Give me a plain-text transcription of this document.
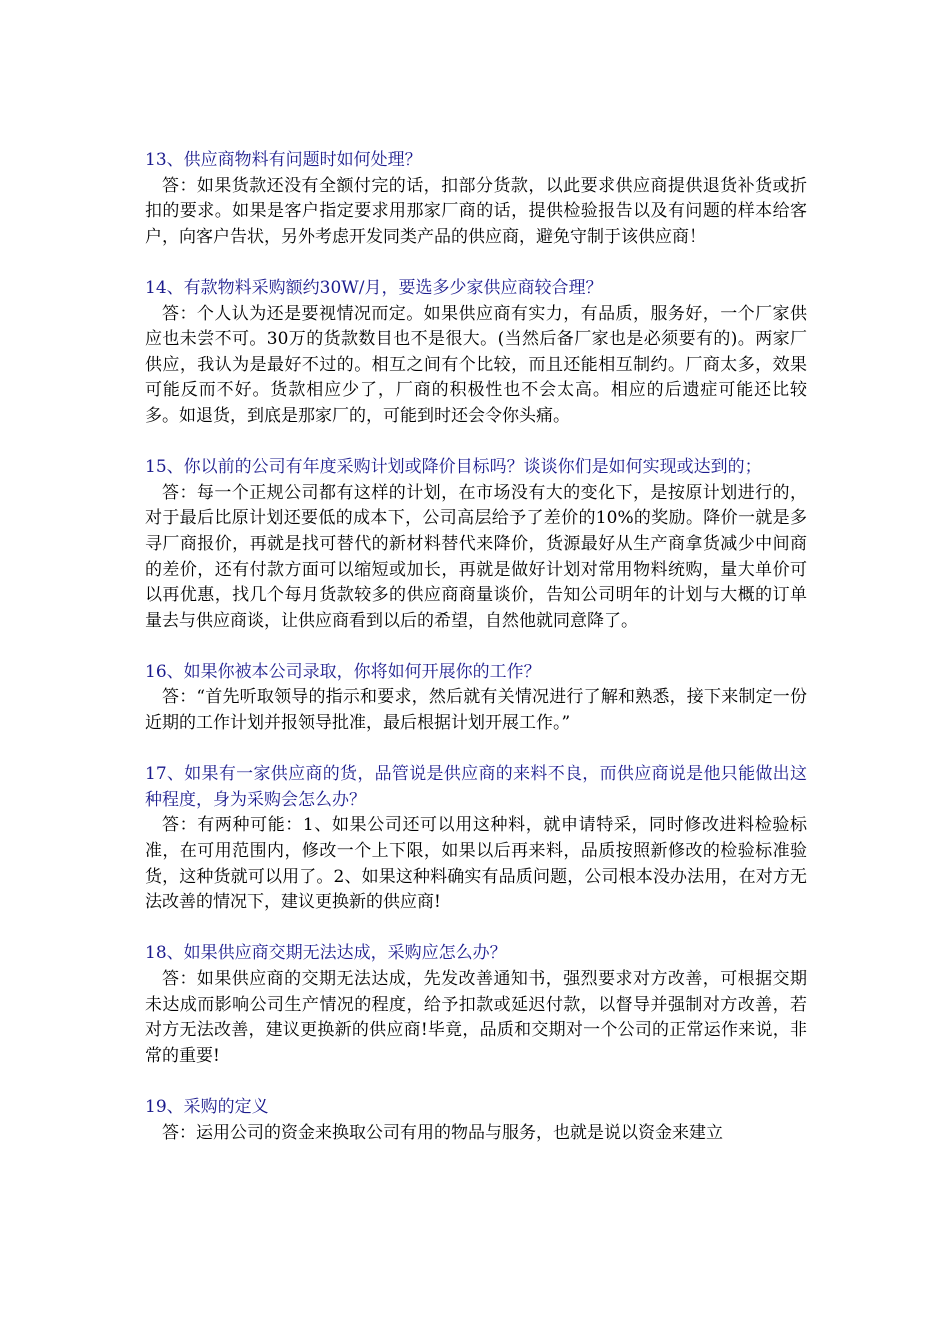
13、供应商物料有问题时如何处理？

答：如果货款还没有全额付完的话，扣部分货款，以此要求供应商提供退货补货或折扣的要求。如果是客户指定要求用那家厂商的话，提供检验报告以及有问题的样本给客户，向客户告状，另外考虑开发同类产品的供应商，避免守制于该供应商！

14、有款物料采购额约30W/月，要选多少家供应商较合理？

答：个人认为还是要视情况而定。如果供应商有实力，有品质，服务好，一个厂家供应也未尝不可。30万的货款数目也不是很大。(当然后备厂家也是必须要有的)。两家厂供应，我认为是最好不过的。相互之间有个比较，而且还能相互制约。厂商太多，效果可能反而不好。货款相应少了，厂商的积极性也不会太高。相应的后遗症可能还比较多。如退货，到底是那家厂的，可能到时还会令你头痛。

15、你以前的公司有年度采购计划或降价目标吗？谈谈你们是如何实现或达到的；

答：每一个正规公司都有这样的计划，在市场没有大的变化下，是按原计划进行的，对于最后比原计划还要低的成本下，公司高层给予了差价的10%的奖励。降价一就是多寻厂商报价，再就是找可替代的新材料替代来降价，货源最好从生产商拿货减少中间商的差价，还有付款方面可以缩短或加长，再就是做好计划对常用物料统购，量大单价可以再优惠，找几个每月货款较多的供应商商量谈价，告知公司明年的计划与大概的订单量去与供应商谈，让供应商看到以后的希望，自然他就同意降了。

16、如果你被本公司录取，你将如何开展你的工作？

答：“首先听取领导的指示和要求，然后就有关情况进行了解和熟悉，接下来制定一份近期的工作计划并报领导批准，最后根据计划开展工作。”

17、如果有一家供应商的货，品管说是供应商的来料不良，而供应商说是他只能做出这种程度，身为采购会怎么办？

答：有两种可能：1、如果公司还可以用这种料，就申请特采，同时修改进料检验标准，在可用范围内，修改一个上下限，如果以后再来料，品质按照新修改的检验标准验货，这种货就可以用了。2、如果这种料确实有品质问题，公司根本没办法用，在对方无法改善的情况下，建议更换新的供应商!

18、如果供应商交期无法达成，采购应怎么办？

答：如果供应商的交期无法达成，先发改善通知书，强烈要求对方改善，可根据交期未达成而影响公司生产情况的程度，给予扣款或延迟付款，以督导并强制对方改善，若对方无法改善，建议更换新的供应商!毕竟，品质和交期对一个公司的正常运作来说，非常的重要!

19、采购的定义

答：运用公司的资金来换取公司有用的物品与服务，也就是说以资金来建立
